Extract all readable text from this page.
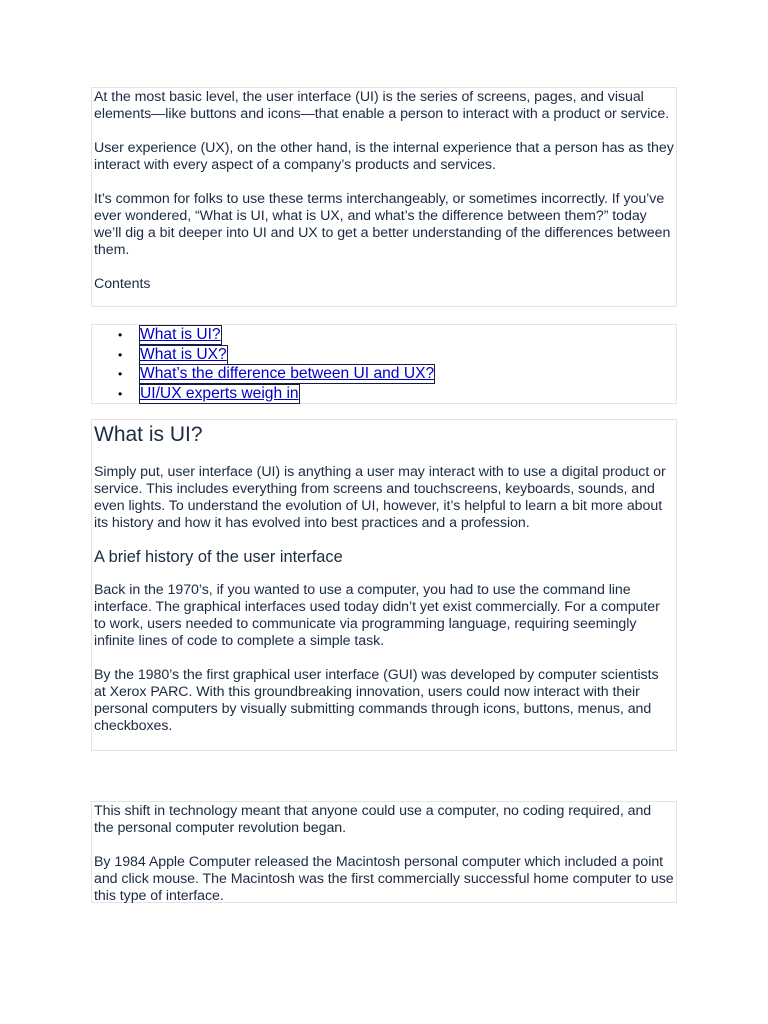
At the most basic level, the user interface (UI) is the series of screens, pages, and visual elements—like buttons and icons—that enable a person to interact with a product or service.

User experience (UX), on the other hand, is the internal experience that a person has as they interact with every aspect of a company’s products and services.

It’s common for folks to use these terms interchangeably, or sometimes incorrectly. If you’ve ever wondered, “What is UI, what is UX, and what’s the difference between them?” today we’ll dig a bit deeper into UI and UX to get a better understanding of the differences between them.

Contents

• What is UI?
• What is UX?
• What’s the difference between UI and UX?
• UI/UX experts weigh in
What is UI?

Simply put, user interface (UI) is anything a user may interact with to use a digital product or service. This includes everything from screens and touchscreens, keyboards, sounds, and even lights. To understand the evolution of UI, however, it’s helpful to learn a bit more about its history and how it has evolved into best practices and a profession.

A brief history of the user interface

Back in the 1970’s, if you wanted to use a computer, you had to use the command line interface. The graphical interfaces used today didn’t yet exist commercially. For a computer to work, users needed to communicate via programming language, requiring seemingly infinite lines of code to complete a simple task.

By the 1980’s the first graphical user interface (GUI) was developed by computer scientists at Xerox PARC. With this groundbreaking innovation, users could now interact with their personal computers by visually submitting commands through icons, buttons, menus, and checkboxes.

This shift in technology meant that anyone could use a computer, no coding required, and the personal computer revolution began.

By 1984 Apple Computer released the Macintosh personal computer which included a point and click mouse. The Macintosh was the first commercially successful home computer to use this type of interface.
